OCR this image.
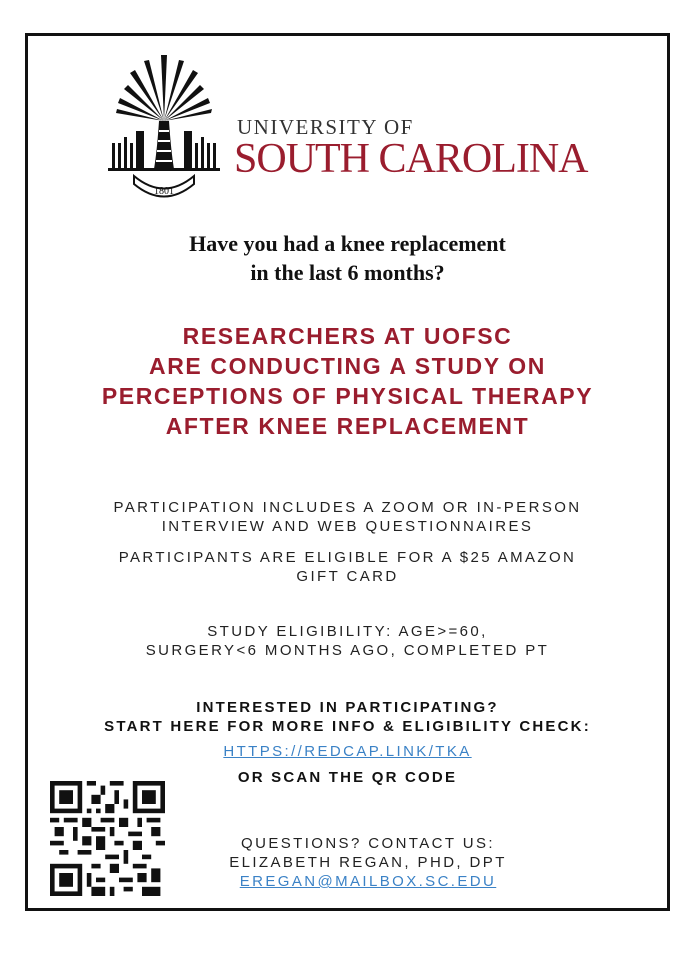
1801
UNIVERSITY OF
SOUTH CAROLINA
Have you had a knee replacement
in the last 6 months?
RESEARCHERS AT UOFSC
ARE CONDUCTING A STUDY ON
PERCEPTIONS OF PHYSICAL THERAPY
AFTER KNEE REPLACEMENT
PARTICIPATION INCLUDES A ZOOM OR IN-PERSON
INTERVIEW AND WEB QUESTIONNAIRES
PARTICIPANTS ARE ELIGIBLE FOR A $25 AMAZON
GIFT CARD
STUDY ELIGIBILITY: AGE>=60,
SURGERY<6 MONTHS AGO, COMPLETED PT
INTERESTED IN PARTICIPATING?
START HERE FOR MORE INFO & ELIGIBILITY CHECK:
HTTPS://REDCAP.LINK/TKA
OR SCAN THE QR CODE
QUESTIONS? CONTACT US:
ELIZABETH REGAN, PHD, DPT
EREGAN@MAILBOX.SC.EDU
